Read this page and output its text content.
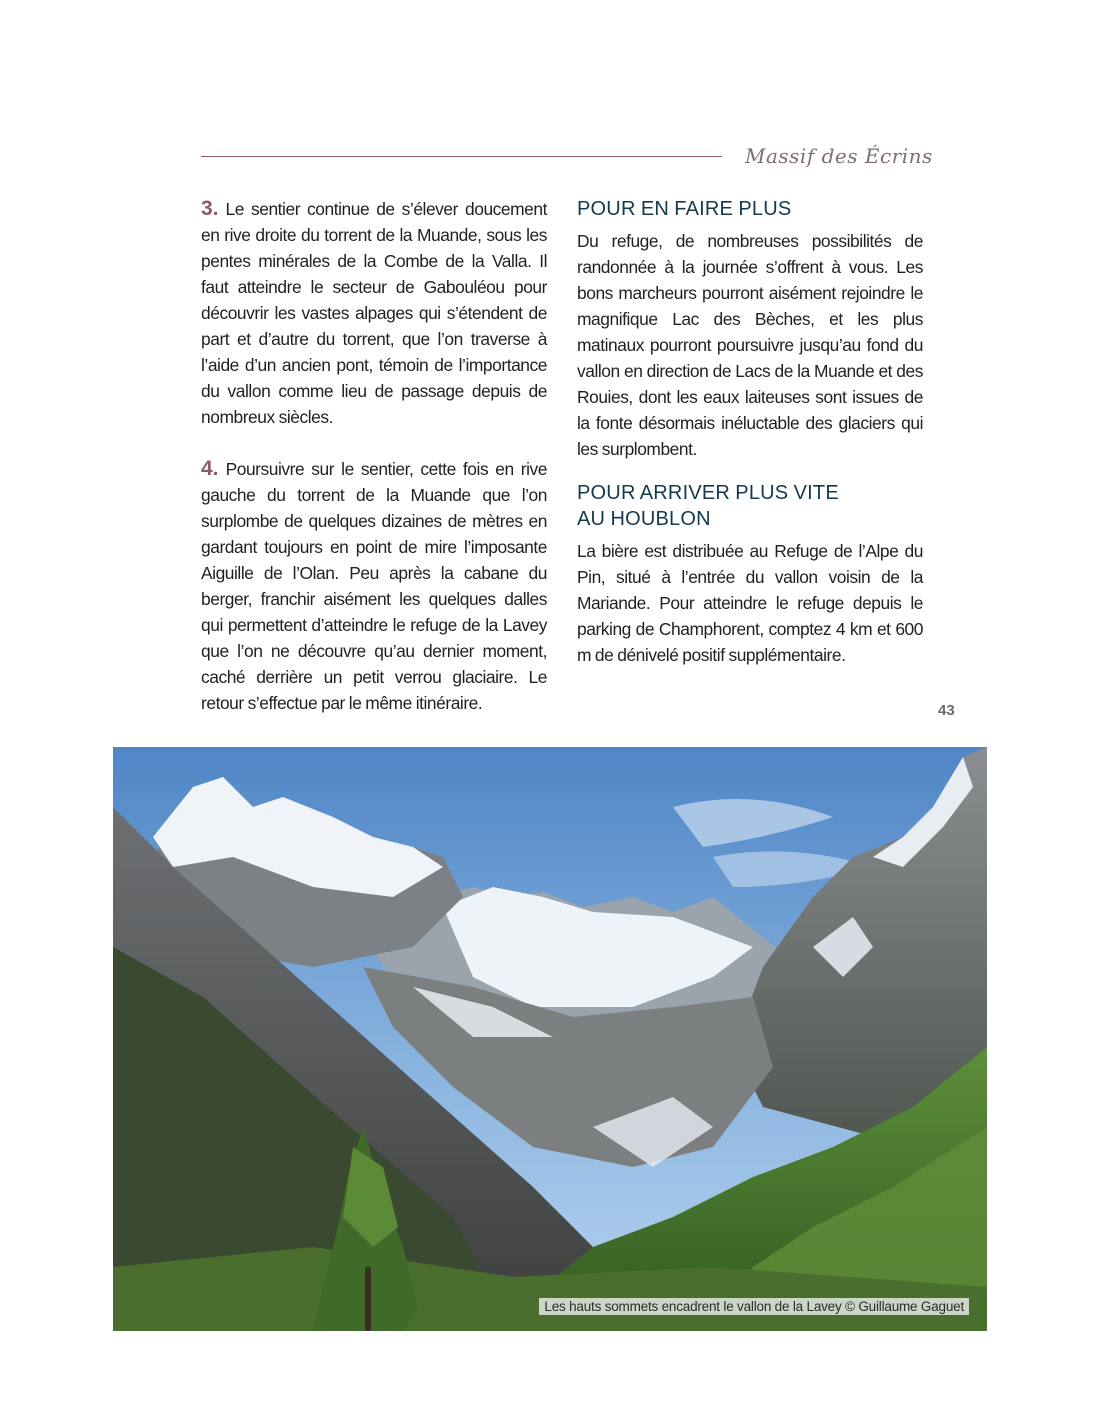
Massif des Écrins

3. Le sentier continue de s’élever doucement en rive droite du torrent de la Muande, sous les pentes minérales de la Combe de la Valla. Il faut atteindre le secteur de Gabouléou pour découvrir les vastes alpages qui s’étendent de part et d’autre du torrent, que l’on traverse à l’aide d’un ancien pont, témoin de l’importance du vallon comme lieu de passage depuis de nombreux siècles.

4. Poursuivre sur le sentier, cette fois en rive gauche du torrent de la Muande que l’on surplombe de quelques dizaines de mètres en gardant toujours en point de mire l’imposante Aiguille de l’Olan. Peu après la cabane du berger, franchir aisément les quelques dalles qui permettent d’atteindre le refuge de la Lavey que l’on ne découvre qu’au dernier moment, caché derrière un petit verrou glaciaire. Le retour s’effectue par le même itinéraire.

POUR EN FAIRE PLUS

Du refuge, de nombreuses possibilités de randonnée à la journée s’offrent à vous. Les bons marcheurs pourront aisément rejoindre le magnifique Lac des Bèches, et les plus matinaux pourront poursuivre jusqu’au fond du vallon en direction de Lacs de la Muande et des Rouies, dont les eaux laiteuses sont issues de la fonte désormais inéluctable des glaciers qui les surplombent.

POUR ARRIVER PLUS VITE
AU HOUBLON

La bière est distribuée au Refuge de l’Alpe du Pin, situé à l’entrée du vallon voisin de la Mariande. Pour atteindre le refuge depuis le parking de Champhorent, comptez 4 km et 600 m de dénivelé positif supplémentaire.

43
Les hauts sommets encadrent le vallon de la Lavey © Guillaume Gaguet
